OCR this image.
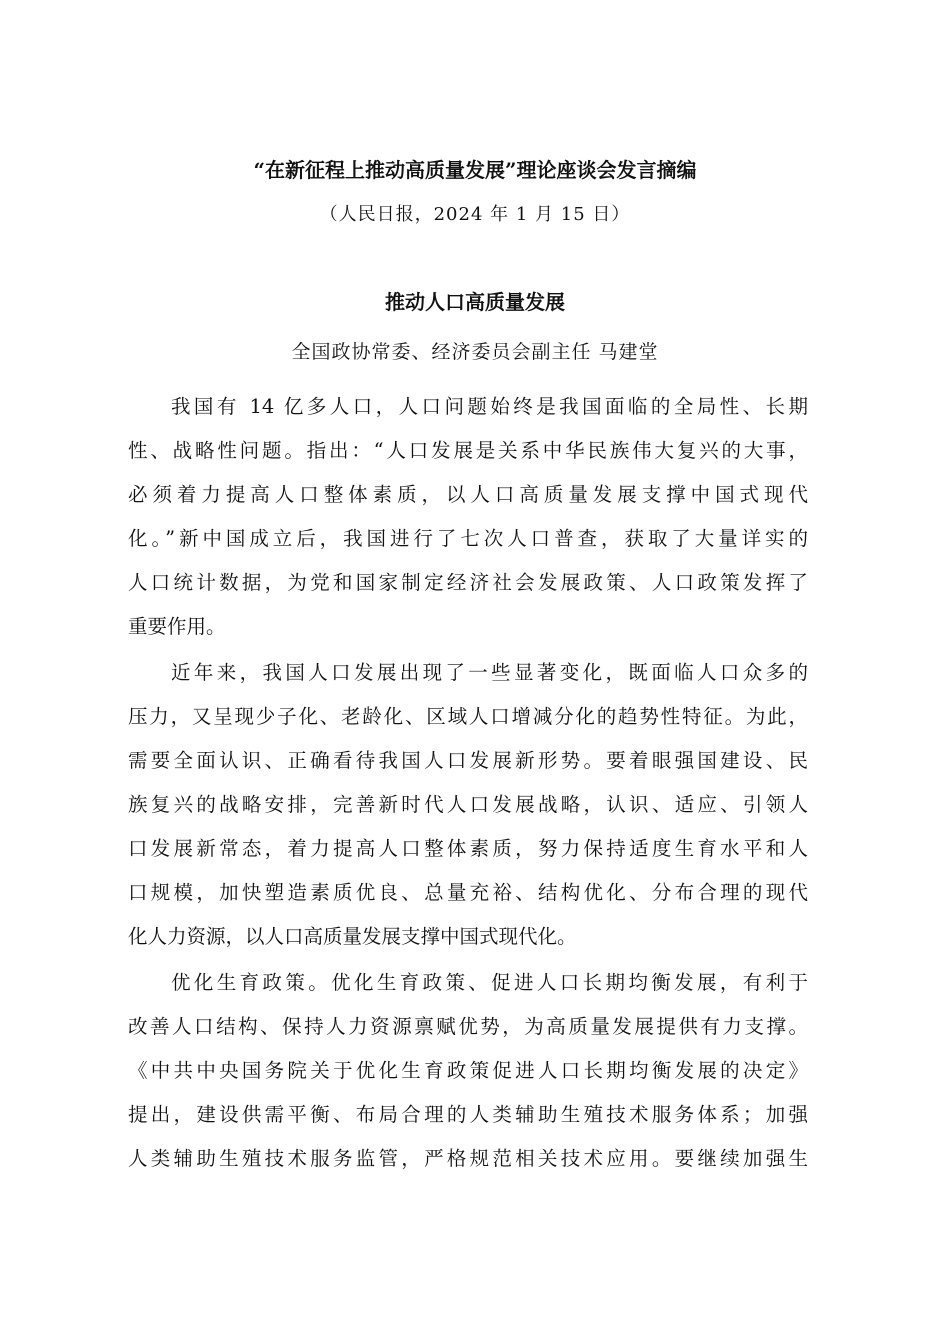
“在新征程上推动高质量发展”理论座谈会发言摘编

（人民日报，2024 年 1 月 15 日）

推动人口高质量发展

全国政协常委、经济委员会副主任 马建堂

我国有 14 亿多人口，人口问题始终是我国面临的全局性、长期
性、战略性问题。指出：“人口发展是关系中华民族伟大复兴的大事，
必须着力提高人口整体素质，以人口高质量发展支撑中国式现代
化。”新中国成立后，我国进行了七次人口普查，获取了大量详实的
人口统计数据，为党和国家制定经济社会发展政策、人口政策发挥了
重要作用。

近年来，我国人口发展出现了一些显著变化，既面临人口众多的
压力，又呈现少子化、老龄化、区域人口增减分化的趋势性特征。为此，
需要全面认识、正确看待我国人口发展新形势。要着眼强国建设、民
族复兴的战略安排，完善新时代人口发展战略，认识、适应、引领人
口发展新常态，着力提高人口整体素质，努力保持适度生育水平和人
口规模，加快塑造素质优良、总量充裕、结构优化、分布合理的现代
化人力资源，以人口高质量发展支撑中国式现代化。

优化生育政策。优化生育政策、促进人口长期均衡发展，有利于
改善人口结构、保持人力资源禀赋优势，为高质量发展提供有力支撑。
《中共中央国务院关于优化生育政策促进人口长期均衡发展的决定》
提出，建设供需平衡、布局合理的人类辅助生殖技术服务体系；加强
人类辅助生殖技术服务监管，严格规范相关技术应用。要继续加强生
